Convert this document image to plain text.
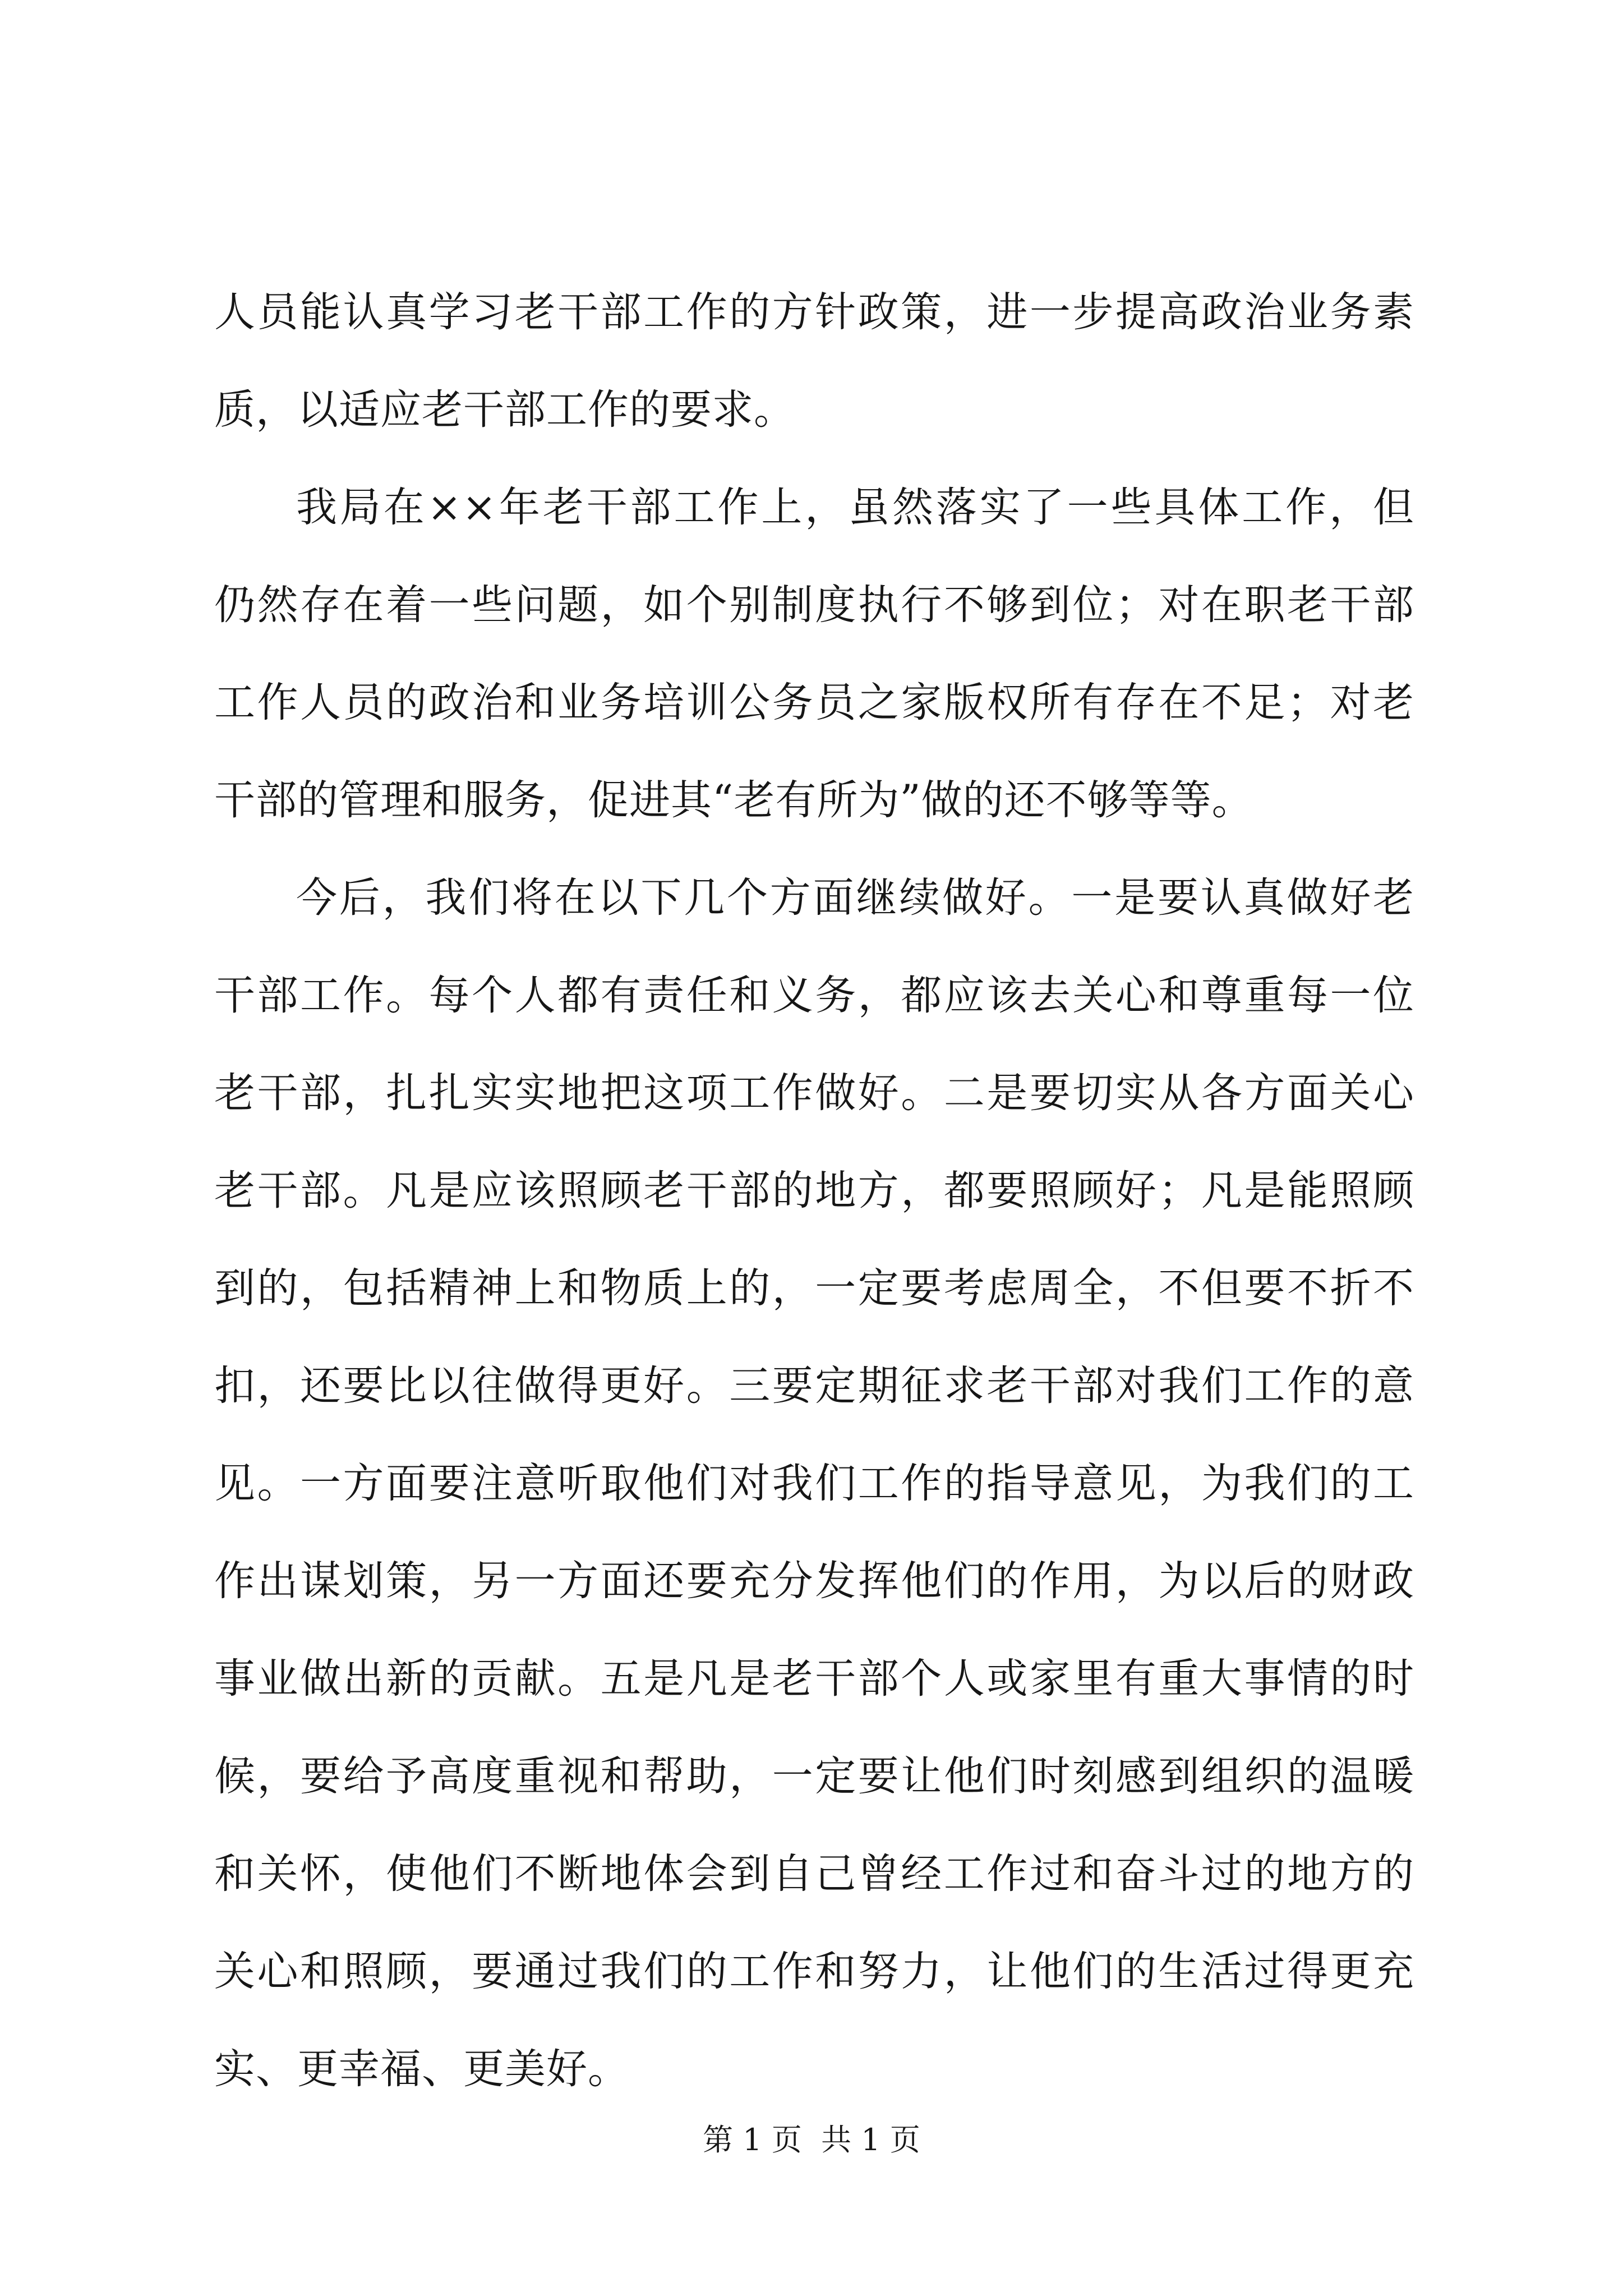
人员能认真学习老干部工作的方针政策，进一步提高政治业务素
质，以适应老干部工作的要求。
我局在××年老干部工作上，虽然落实了一些具体工作，但
仍然存在着一些问题，如个别制度执行不够到位；对在职老干部
工作人员的政治和业务培训公务员之家版权所有存在不足；对老
干部的管理和服务，促进其“老有所为”做的还不够等等。
今后，我们将在以下几个方面继续做好。一是要认真做好老
干部工作。每个人都有责任和义务，都应该去关心和尊重每一位
老干部，扎扎实实地把这项工作做好。二是要切实从各方面关心
老干部。凡是应该照顾老干部的地方，都要照顾好；凡是能照顾
到的，包括精神上和物质上的，一定要考虑周全，不但要不折不
扣，还要比以往做得更好。三要定期征求老干部对我们工作的意
见。一方面要注意听取他们对我们工作的指导意见，为我们的工
作出谋划策，另一方面还要充分发挥他们的作用，为以后的财政
事业做出新的贡献。五是凡是老干部个人或家里有重大事情的时
候，要给予高度重视和帮助，一定要让他们时刻感到组织的温暖
和关怀，使他们不断地体会到自己曾经工作过和奋斗过的地方的
关心和照顾，要通过我们的工作和努力，让他们的生活过得更充
实、更幸福、更美好。
第 1 页  共 1 页
